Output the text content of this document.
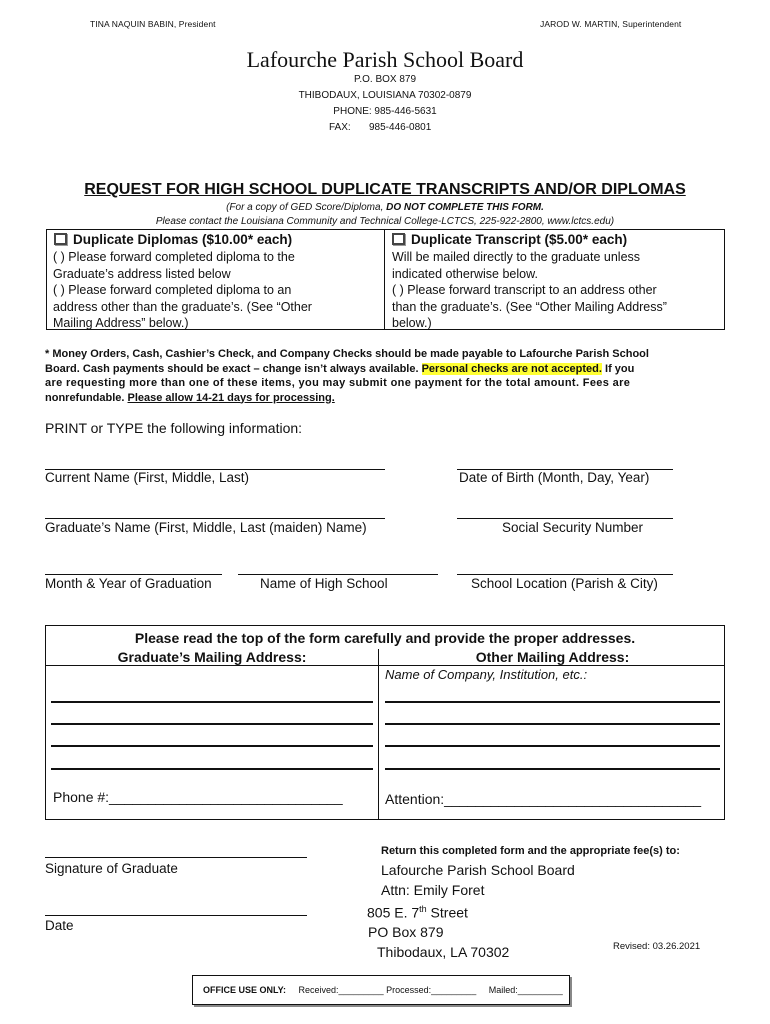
TINA NAQUIN BABIN, President	JAROD W. MARTIN, Superintendent
Lafourche Parish School Board
P.O. BOX 879
THIBODAUX, LOUISIANA 70302-0879
PHONE: 985-446-5631
FAX: 985-446-0801
REQUEST FOR HIGH SCHOOL DUPLICATE TRANSCRIPTS AND/OR DIPLOMAS
(For a copy of GED Score/Diploma, DO NOT COMPLETE THIS FORM.
Please contact the Louisiana Community and Technical College-LCTCS, 225-922-2800, www.lctcs.edu)
Duplicate Diplomas ($10.00* each)
( ) Please forward completed diploma to the
Graduate’s address listed below
( ) Please forward completed diploma to an
address other than the graduate’s. (See “Other
Mailing Address” below.)
Duplicate Transcript ($5.00* each)
Will be mailed directly to the graduate unless
indicated otherwise below.
( ) Please forward transcript to an address other
than the graduate’s. (See “Other Mailing Address”
below.)
* Money Orders, Cash, Cashier’s Check, and Company Checks should be made payable to Lafourche Parish School
Board. Cash payments should be exact – change isn’t always available. Personal checks are not accepted. If you
are requesting more than one of these items, you may submit one payment for the total amount. Fees are
nonrefundable. Please allow 14-21 days for processing.
PRINT or TYPE the following information:
Current Name (First, Middle, Last)	Date of Birth (Month, Day, Year)
Graduate’s Name (First, Middle, Last (maiden) Name)	Social Security Number
Month & Year of Graduation	Name of High School	School Location (Parish & City)
Please read the top of the form carefully and provide the proper addresses.
Graduate’s Mailing Address:	Other Mailing Address:
Name of Company, Institution, etc.:
Phone #:______________________________	Attention:_________________________________
Signature of Graduate
Date
Return this completed form and the appropriate fee(s) to:
Lafourche Parish School Board
Attn: Emily Foret
805 E. 7th Street
PO Box 879
Thibodaux, LA 70302	Revised: 03.26.2021
OFFICE USE ONLY: Received:_________ Processed:_________ Mailed:_________
